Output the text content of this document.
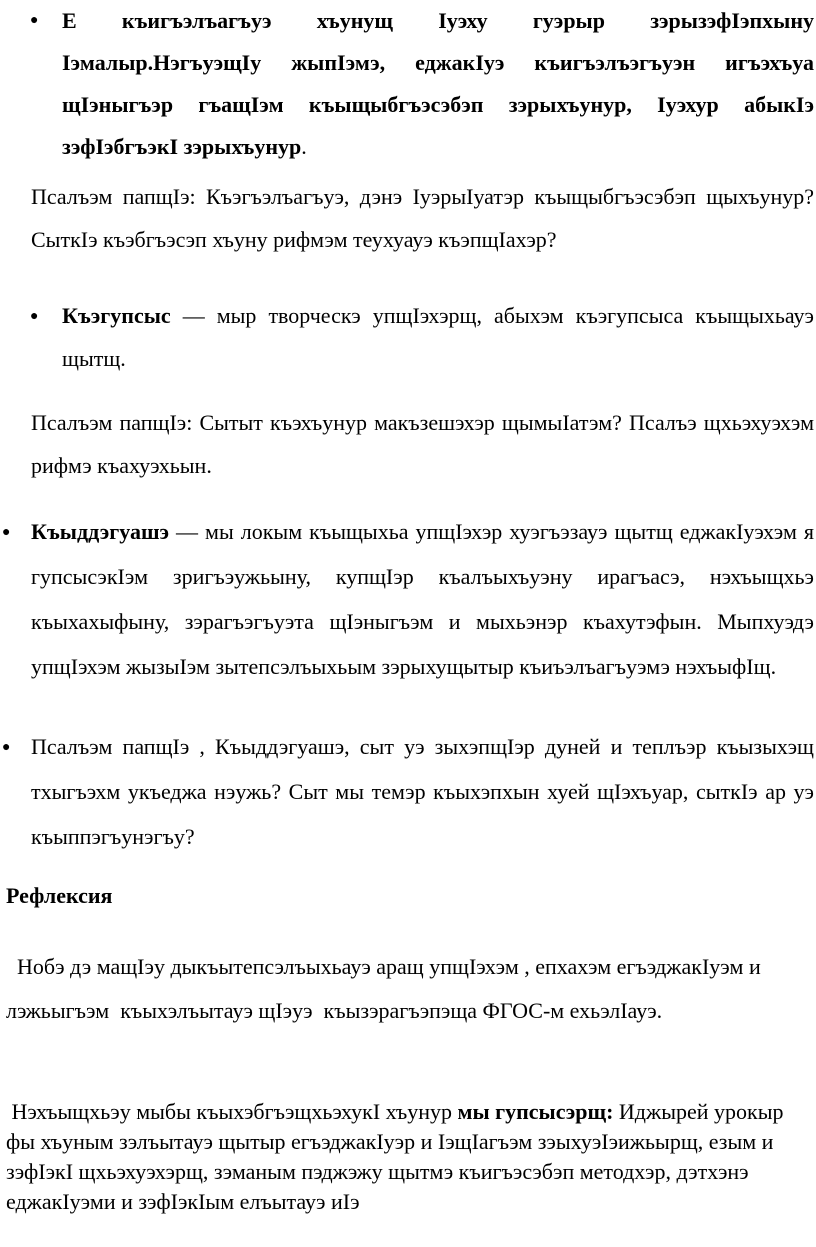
● Е къигъэлъагъуэ хъунущ Iуэху гуэрыр зэрызэфIэпхыну Iэмалыр.НэгъуэщIу жыпIэмэ, еджакIуэ къигъэлъэгъуэн игъэхъуа щIэныгъэр гъащIэм къыщыбгъэсэбэп зэрыхъунур, Iуэхур абыкIэ зэфIэбгъэкI зэрыхъунур.

Псалъэм папщIэ: Къэгъэлъагъуэ, дэнэ IуэрыIуатэр къыщыбгъэсэбэп щыхъунур?СыткIэ къэбгъэсэп хъуну рифмэм теухуауэ къэпщIахэр?

● Къэгупсыс — мыр творческэ упщIэхэрщ, абыхэм къэгупсыса къыщыхьауэ щытщ.

Псалъэм папщIэ: Сытыт къэхъунур макъзешэхэр щымыIатэм? Псалъэ щхьэхуэхэм рифмэ къахуэхьын.

● Къыддэгуашэ — мы локым къыщыхьа упщIэхэр хуэгъэзауэ щытщ еджакIуэхэм я гупсысэкIэм зригъэужьыну, купщIэр къалъыхъуэну ирагъасэ, нэхъыщхьэ къыхахыфыну, зэрагъэгъуэта щIэныгъэм и мыхьэнэр къахутэфын. Мыпхуэдэ упщIэхэм жызыIэм зытепсэлъыхьым зэрыхущытыр къиъэлъагъуэмэ нэхъыфIщ.

● Псалъэм папщIэ , Къыддэгуашэ, сыт уэ зыхэпщIэр дуней и теплъэр къызыхэщ тхыгъэхм укъеджа нэужь? Сыт мы темэр къыхэпхын хуей щIэхъуар, сыткIэ ар уэ къыппэгъунэгъу?

Рефлексия

Нобэ дэ мащIэу дыкъытепсэлъыхьауэ аращ упщIэхэм , епхахэм егъэджакIуэм и лэжьыгъэм  къыхэлъытауэ щIэуэ  къызэрагъэпэща ФГОС-м ехьэлIауэ.

Нэхъыщхьэу мыбы къыхэбгъэщхьэхукI хъунур мы гупсысэрщ: Иджырей урокыр фы хъуным зэлъытауэ щытыр егъэджакIуэр и IэщIагъэм зэыхуэIэижьырщ, езым и зэфIэкI щхьэхуэхэрщ, зэманым пэджэжу щытмэ къигъэсэбэп методхэр, дэтхэнэ еджакIуэми и зэфIэкIым елъытауэ иIэ
